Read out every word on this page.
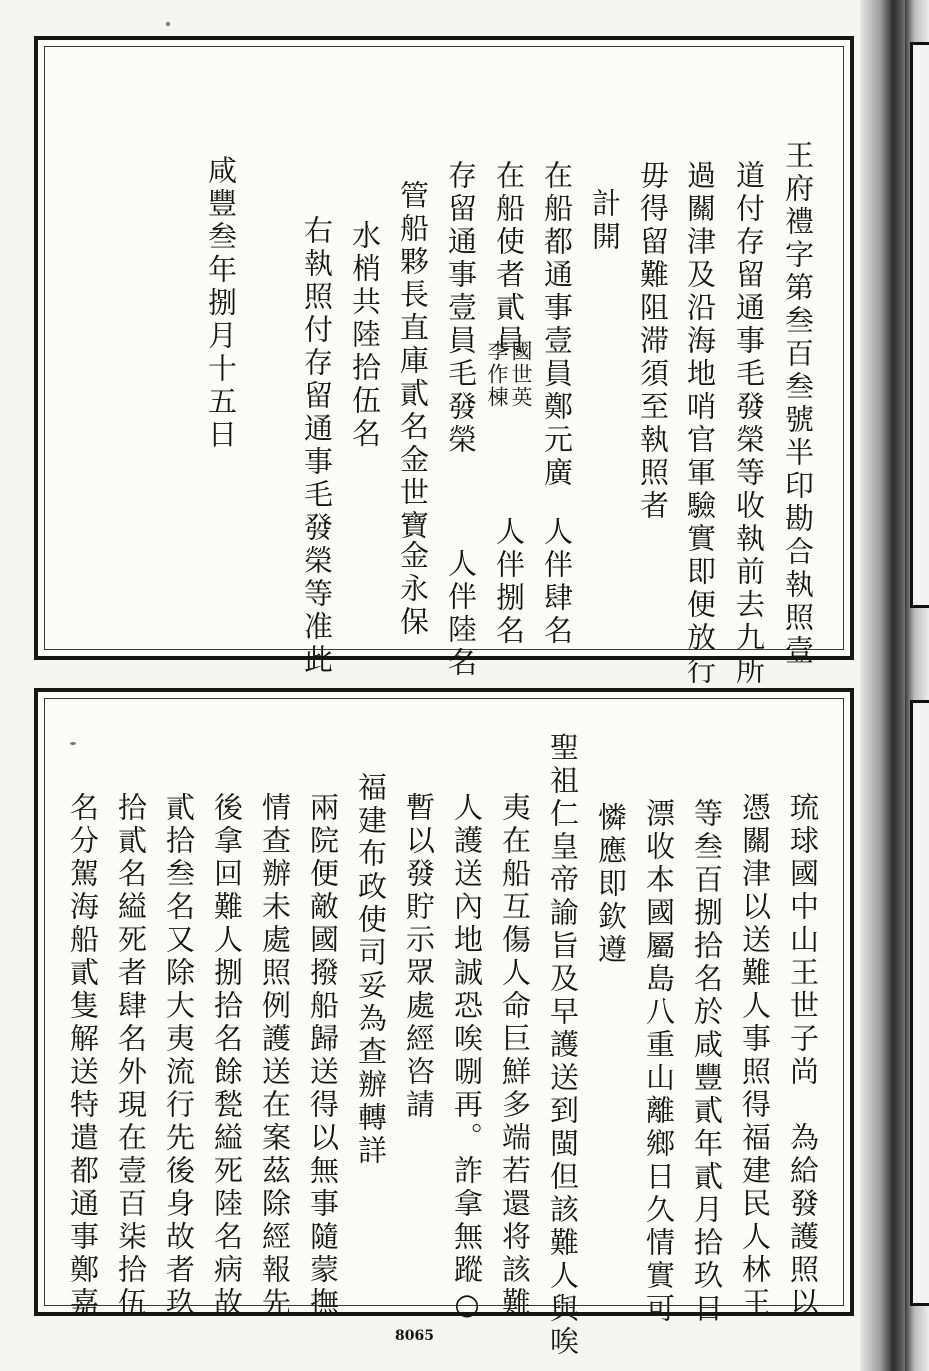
王府禮字第叁百叁號半印勘合執照壹
道付存留通事毛發榮等收執前去九所
過關津及沿海地哨官軍驗實即便放行
毋得留難阻滞須至執照者
計開
在船都通事壹員鄭元廣
人伴肆名
在船使者貳員
國世英
李作棟
人伴捌名
存留通事壹員毛發榮
人伴陸名
管船夥長直庫貳名金世寶
金永保
水梢共陸拾伍名
右執照付存留通事毛發榮等准此
咸豐叁年捌月十五日
琉球國中山王世子尚　為給發護照以
憑關津以送難人事照得福建民人林王
等叁百捌拾名於咸豐貳年貳月拾玖日
漂收本國屬島八重山離鄉日久情實可
憐應即欽遵
聖祖仁皇帝諭旨及早護送到閩但該難人與唉
夷在船互傷人命巨鮮多端若還将該難
人護送內地誠恐唉哵再。詐拿無蹤○
暫以發貯示眾處經咨請
福建布政使司妥為查辦轉詳
兩院便敵國撥船歸送得以無事隨蒙撫
情查辦未處照例護送在案茲除經報先
後拿回難人捌拾名餘甃縊死陸名病故
貳拾叁名又除大夷流行先後身故者玖
拾貳名縊死者肆名外現在壹百柒拾伍
名分駕海船貳隻解送特遣都通事鄭嘉
8065
